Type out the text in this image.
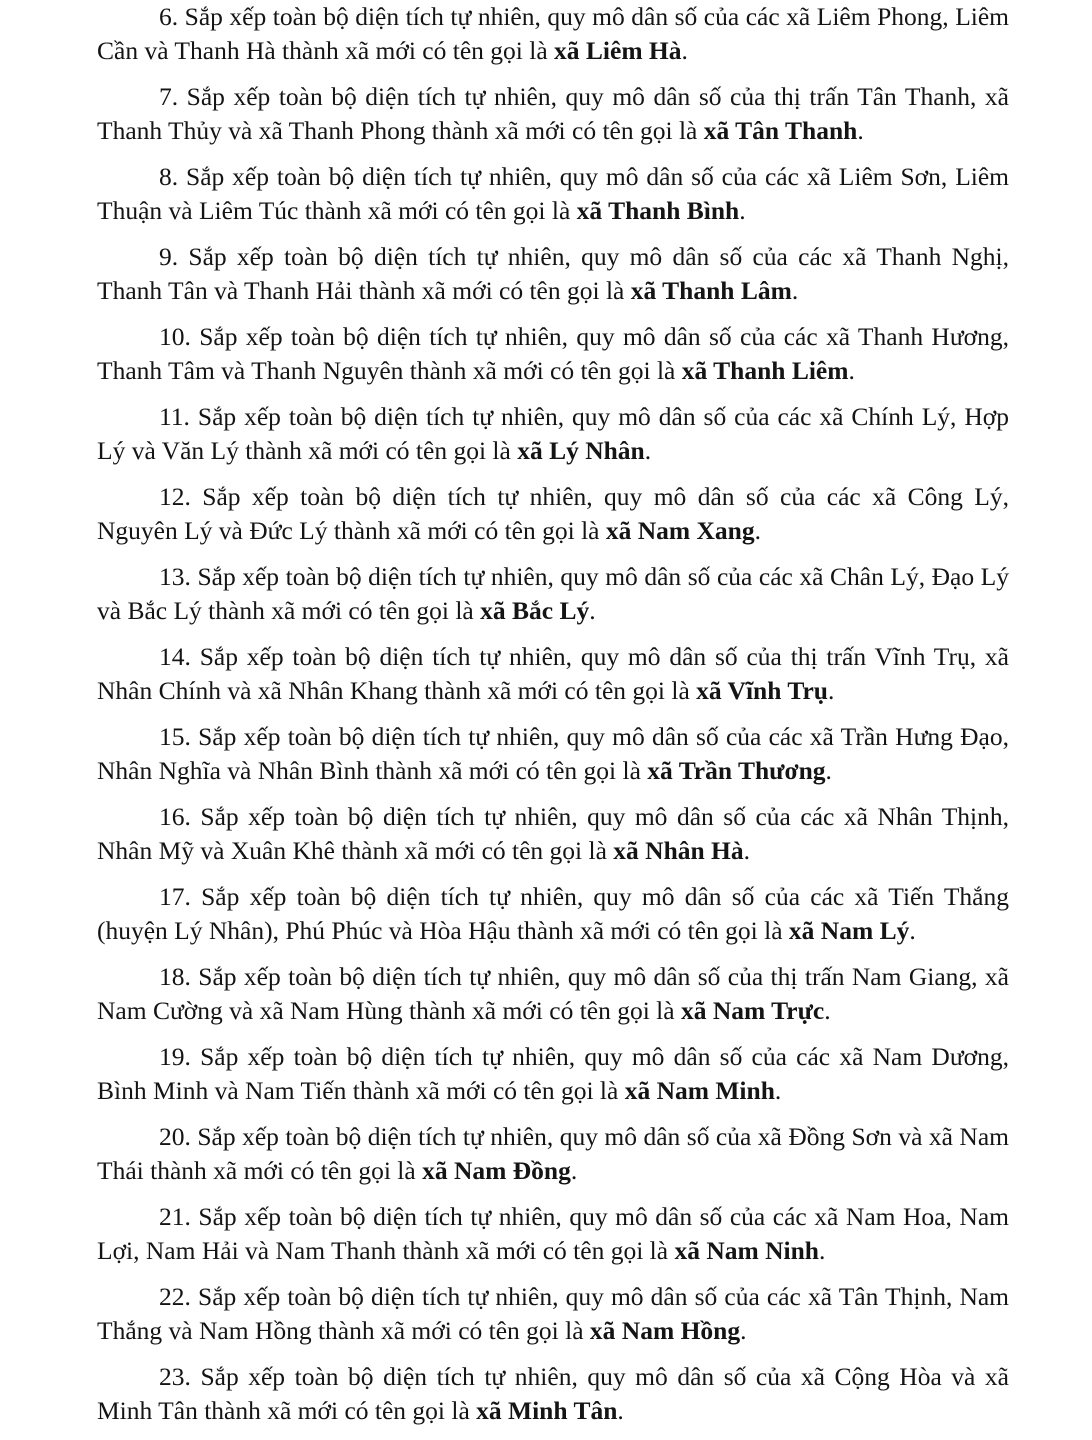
6. Sắp xếp toàn bộ diện tích tự nhiên, quy mô dân số của các xã Liêm Phong, Liêm Cần và Thanh Hà thành xã mới có tên gọi là xã Liêm Hà.

7. Sắp xếp toàn bộ diện tích tự nhiên, quy mô dân số của thị trấn Tân Thanh, xã Thanh Thủy và xã Thanh Phong thành xã mới có tên gọi là xã Tân Thanh.

8. Sắp xếp toàn bộ diện tích tự nhiên, quy mô dân số của các xã Liêm Sơn, Liêm Thuận và Liêm Túc thành xã mới có tên gọi là xã Thanh Bình.

9. Sắp xếp toàn bộ diện tích tự nhiên, quy mô dân số của các xã Thanh Nghị, Thanh Tân và Thanh Hải thành xã mới có tên gọi là xã Thanh Lâm.

10. Sắp xếp toàn bộ diện tích tự nhiên, quy mô dân số của các xã Thanh Hương, Thanh Tâm và Thanh Nguyên thành xã mới có tên gọi là xã Thanh Liêm.

11. Sắp xếp toàn bộ diện tích tự nhiên, quy mô dân số của các xã Chính Lý, Hợp Lý và Văn Lý thành xã mới có tên gọi là xã Lý Nhân.

12. Sắp xếp toàn bộ diện tích tự nhiên, quy mô dân số của các xã Công Lý, Nguyên Lý và Đức Lý thành xã mới có tên gọi là xã Nam Xang.

13. Sắp xếp toàn bộ diện tích tự nhiên, quy mô dân số của các xã Chân Lý, Đạo Lý và Bắc Lý thành xã mới có tên gọi là xã Bắc Lý.

14. Sắp xếp toàn bộ diện tích tự nhiên, quy mô dân số của thị trấn Vĩnh Trụ, xã Nhân Chính và xã Nhân Khang thành xã mới có tên gọi là xã Vĩnh Trụ.

15. Sắp xếp toàn bộ diện tích tự nhiên, quy mô dân số của các xã Trần Hưng Đạo, Nhân Nghĩa và Nhân Bình thành xã mới có tên gọi là xã Trần Thương.

16. Sắp xếp toàn bộ diện tích tự nhiên, quy mô dân số của các xã Nhân Thịnh, Nhân Mỹ và Xuân Khê thành xã mới có tên gọi là xã Nhân Hà.

17. Sắp xếp toàn bộ diện tích tự nhiên, quy mô dân số của các xã Tiến Thắng (huyện Lý Nhân), Phú Phúc và Hòa Hậu thành xã mới có tên gọi là xã Nam Lý.

18. Sắp xếp toàn bộ diện tích tự nhiên, quy mô dân số của thị trấn Nam Giang, xã Nam Cường và xã Nam Hùng thành xã mới có tên gọi là xã Nam Trực.

19. Sắp xếp toàn bộ diện tích tự nhiên, quy mô dân số của các xã Nam Dương, Bình Minh và Nam Tiến thành xã mới có tên gọi là xã Nam Minh.

20. Sắp xếp toàn bộ diện tích tự nhiên, quy mô dân số của xã Đồng Sơn và xã Nam Thái thành xã mới có tên gọi là xã Nam Đồng.

21. Sắp xếp toàn bộ diện tích tự nhiên, quy mô dân số của các xã Nam Hoa, Nam Lợi, Nam Hải và Nam Thanh thành xã mới có tên gọi là xã Nam Ninh.

22. Sắp xếp toàn bộ diện tích tự nhiên, quy mô dân số của các xã Tân Thịnh, Nam Thắng và Nam Hồng thành xã mới có tên gọi là xã Nam Hồng.

23. Sắp xếp toàn bộ diện tích tự nhiên, quy mô dân số của xã Cộng Hòa và xã Minh Tân thành xã mới có tên gọi là xã Minh Tân.
